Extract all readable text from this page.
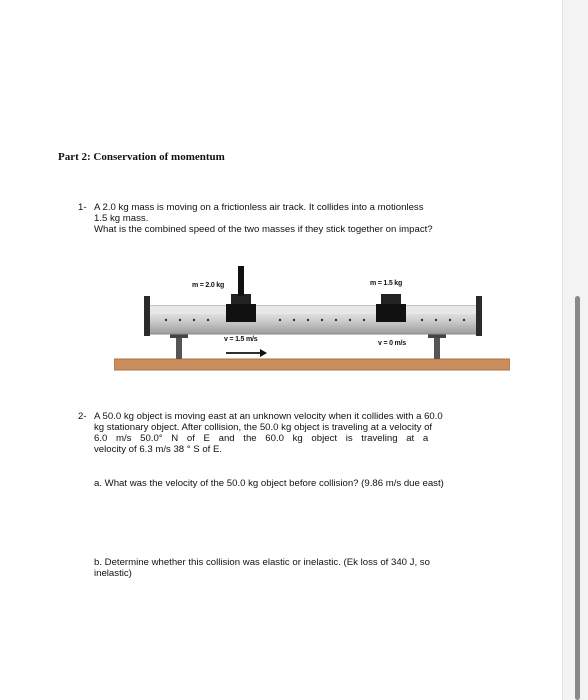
Part 2: Conservation of momentum
1- A 2.0 kg mass is moving on a frictionless air track. It collides into a motionless
1.5 kg mass.
What is the combined speed of the two masses if they stick together on impact?
m = 2.0 kg	m = 1.5 kg
v = 1.5 m/s
v = 0 m/s
2- A 50.0 kg object is moving east at an unknown velocity when it collides with a 60.0
kg stationary object. After collision, the 50.0 kg object is traveling at a velocity of
6.0 m/s 50.0° N of E and the 60.0 kg object is traveling at a
velocity of 6.3 m/s 38 ° S of E.
a. What was the velocity of the 50.0 kg object before collision? (9.86 m/s due east)
b. Determine whether this collision was elastic or inelastic. (Ek loss of 340 J, so
inelastic)
